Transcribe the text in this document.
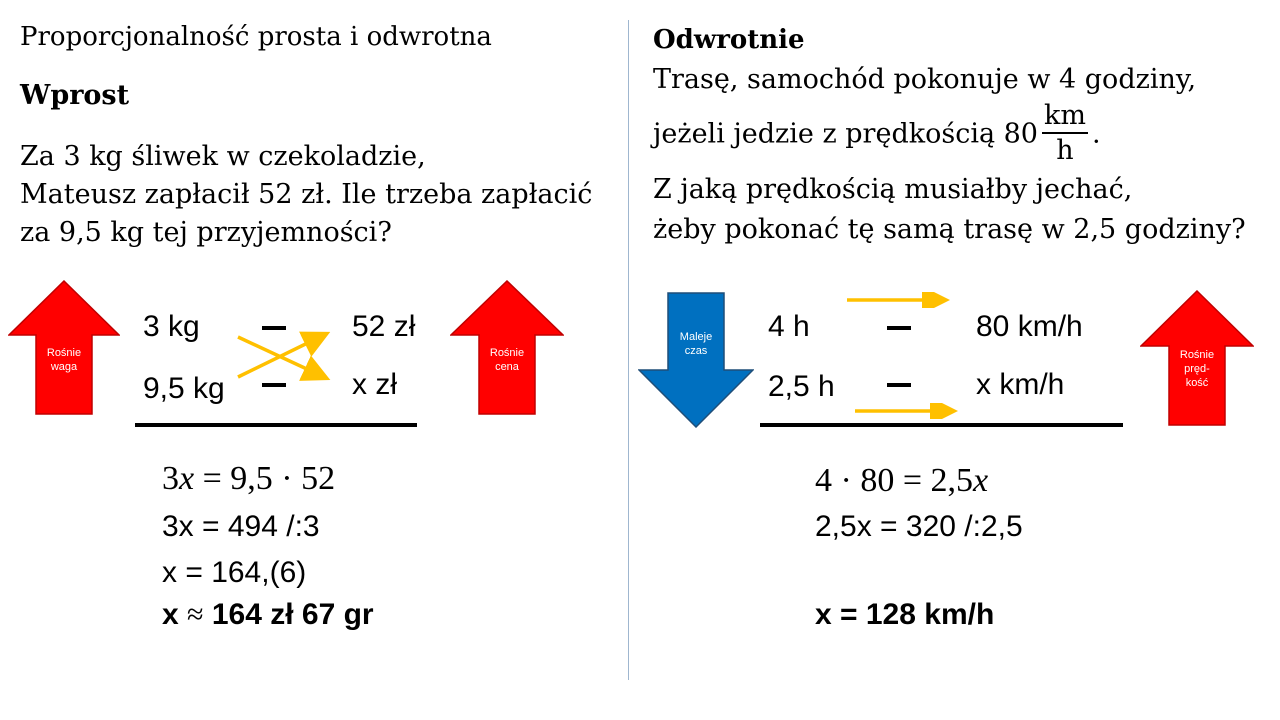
Proporcjonalność prosta i odwrotna
Wprost
Za 3 kg śliwek w czekoladzie,
Mateusz zapłacił 52 zł. Ile trzeba zapłacić
za 9,5 kg tej przyjemności?
Rośnie
waga
3 kg	52 zł
9,5 kg	x zł
Rośnie
cena
3x = 9,5 · 52
3x = 494 /:3
x = 164,(6)
x ≈ 164 zł 67 gr
Odwrotnie
Trasę, samochód pokonuje w 4 godziny,
jeżeli jedzie z prędkością $80 \frac{km}{h}$ .
Z jaką prędkością musiałby jechać,
żeby pokonać tę samą trasę w 2,5 godziny?
Maleje
czas
4 h	80 km/h
2,5 h	x km/h
Rośnie
pręd-
kość
4 · 80 = 2,5x
2,5x = 320 /:2,5
x = 128 km/h
